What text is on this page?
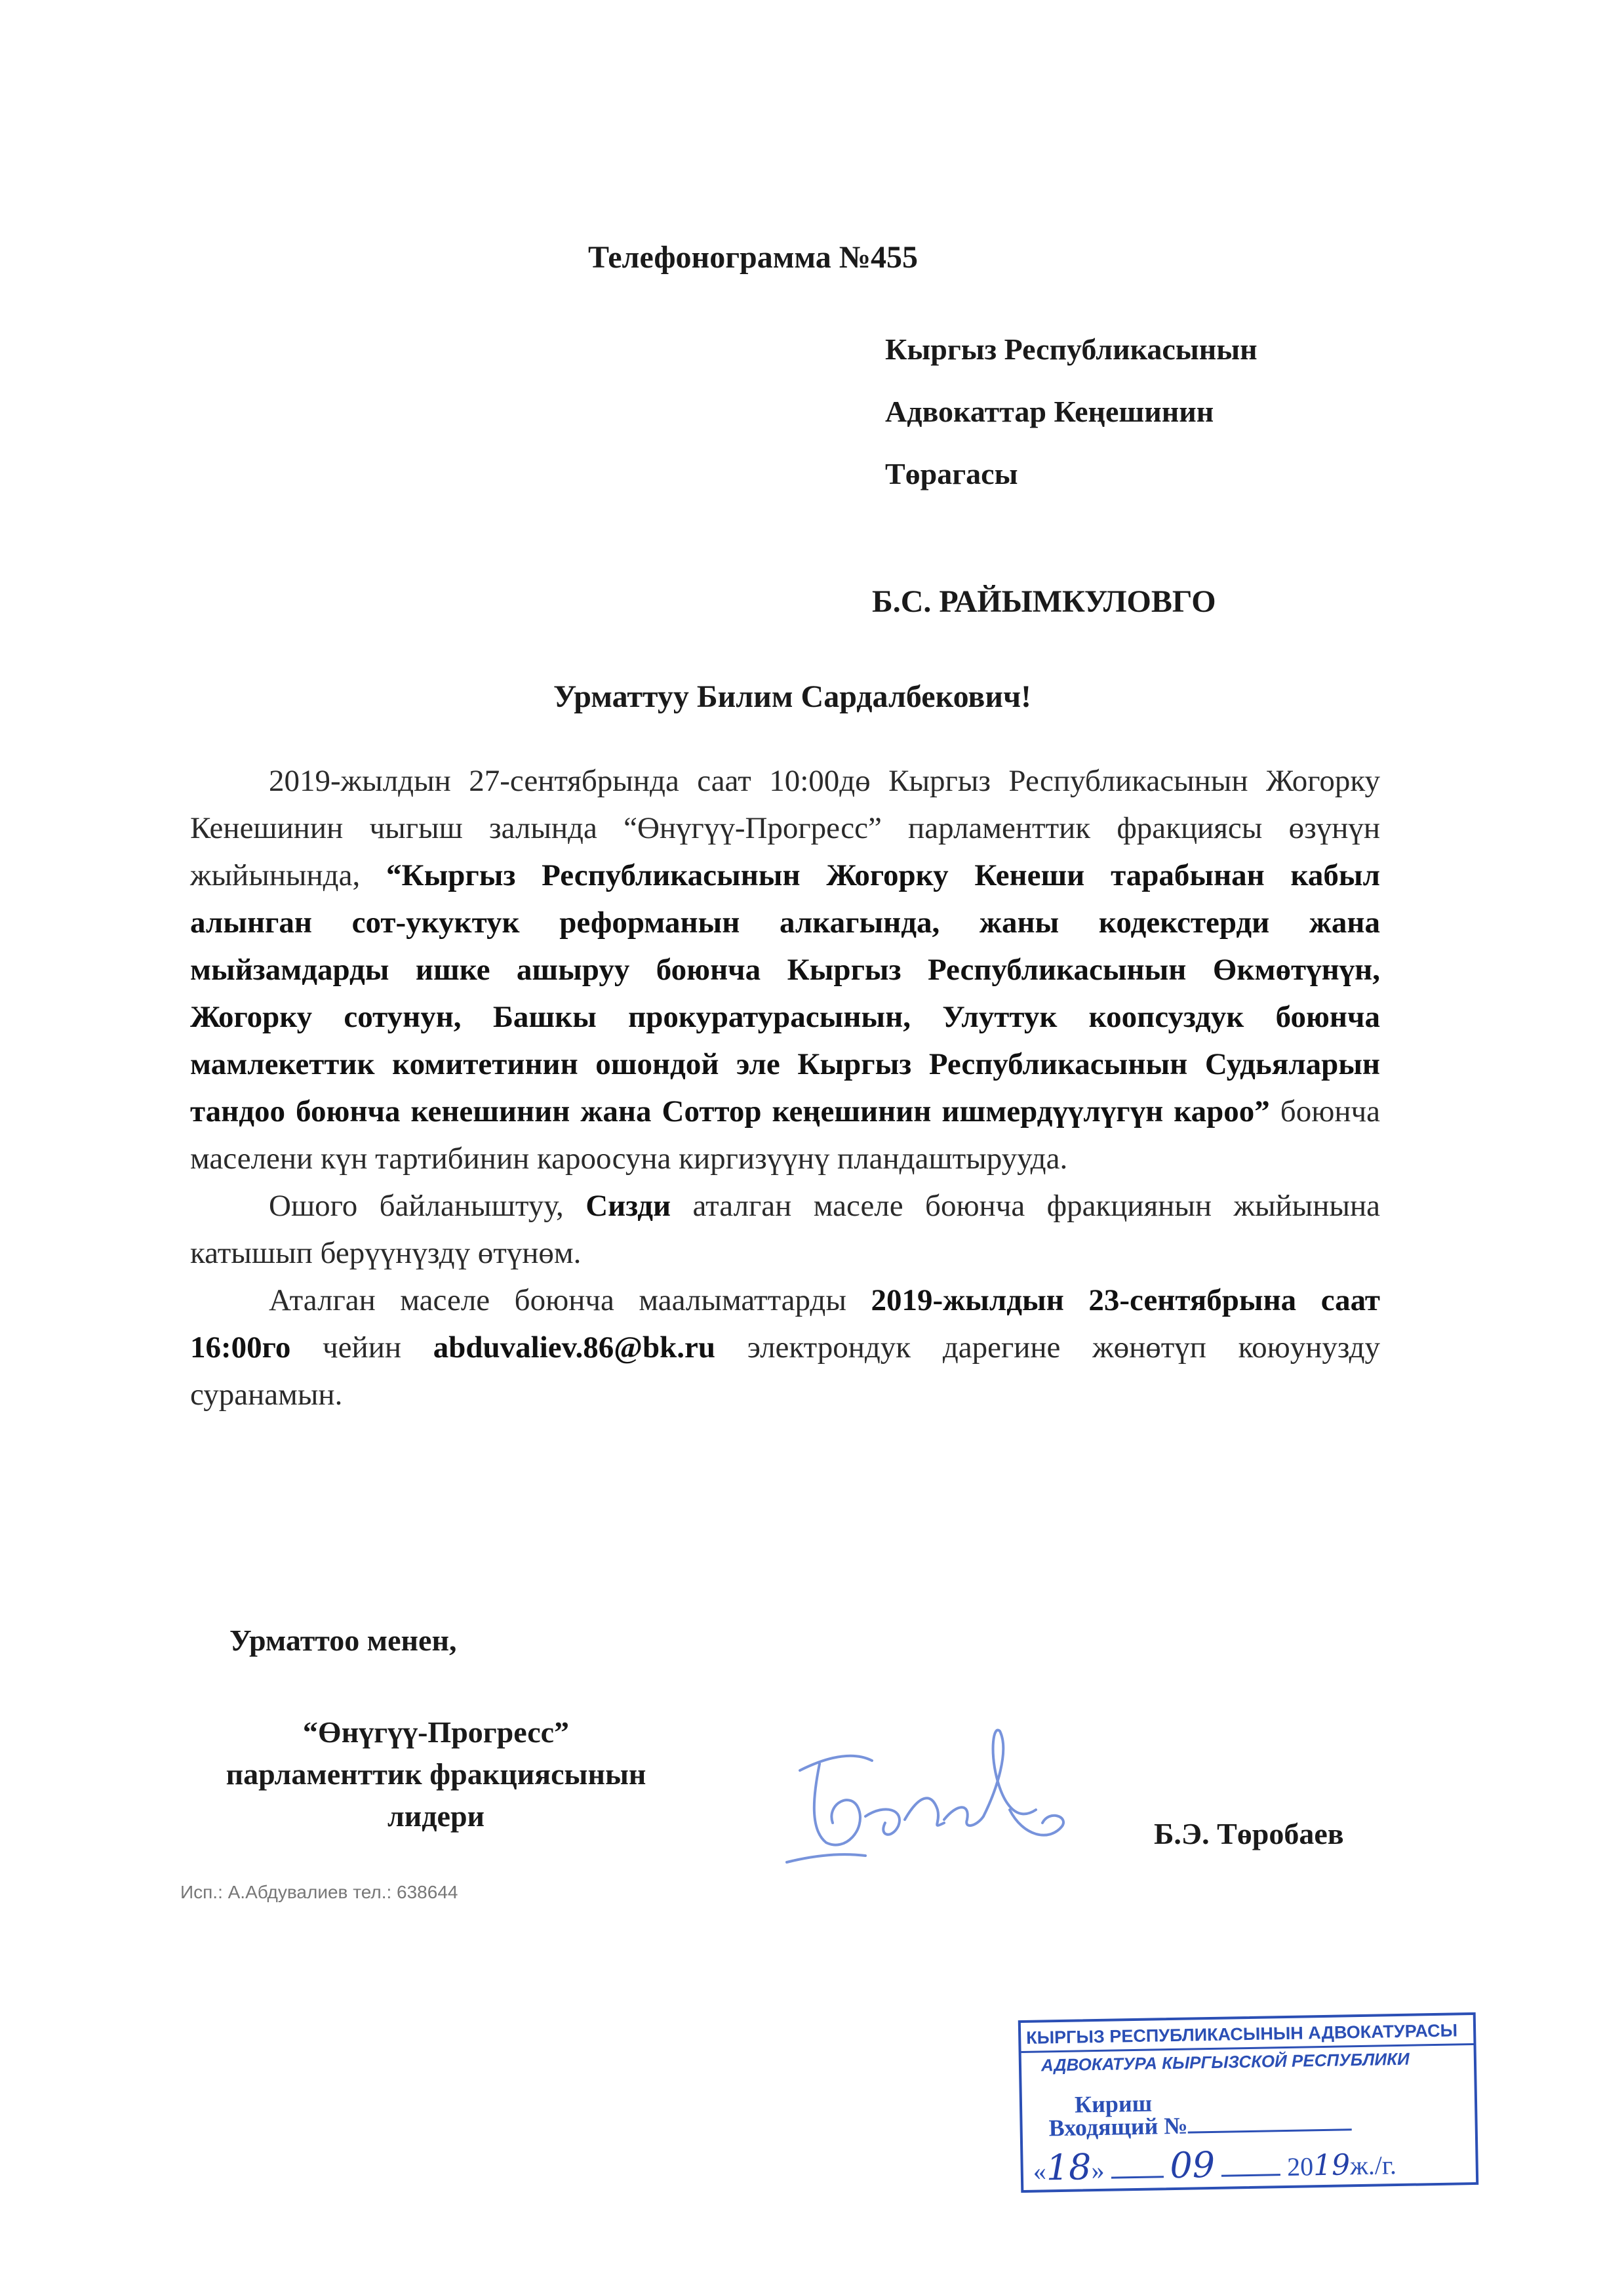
Телефонограмма №455
Кыргыз Республикасынын
Адвокаттар Кеңешинин
Төрагасы
Б.С. РАЙЫМКУЛОВГО
Урматтуу Билим Сардалбекович!

2019-жылдын 27-сентябрында саат 10:00дө Кыргыз Республикасынын Жогорку Кенешинин чыгыш залында “Өнүгүү-Прогресс” парламенттик фракциясы өзүнүн жыйынында, “Кыргыз Республикасынын Жогорку Кенеши тарабынан кабыл алынган сот-укуктук реформанын алкагында, жаны кодекстерди жана мыйзамдарды ишке ашыруу боюнча Кыргыз Республикасынын Өкмөтүнүн, Жогорку сотунун, Башкы прокуратурасынын, Улуттук коопсуздук боюнча мамлекеттик комитетинин ошондой эле Кыргыз Республикасынын Судьяларын тандоо боюнча кенешинин жана Соттор кеңешинин ишмердүүлүгүн кароо” боюнча маселени күн тартибинин кароосуна киргизүүнү пландаштырууда.

Ошого байланыштуу, Сизди аталган маселе боюнча фракциянын жыйынына катышып берүүнүздү өтүнөм.

Аталган маселе боюнча маалыматтарды 2019-жылдын 23-сентябрына саат 16:00го чейин abduvaliev.86@bk.ru электрондук дарегине жөнөтүп коюунузду суранамын.

Урматтоо менен,
“Өнүгүү-Прогресс”
парламенттик фракциясынын
лидери
Б.Э. Төробаев
Исп.: А.Абдувалиев тел.: 638644
КЫРГЫЗ РЕСПУБЛИКАСЫНЫН АДВОКАТУРАСЫ
АДВОКАТУРА КЫРГЫЗСКОЙ РЕСПУБЛИКИ
Кириш
Входящий №
«18» 09	2019ж./г.
